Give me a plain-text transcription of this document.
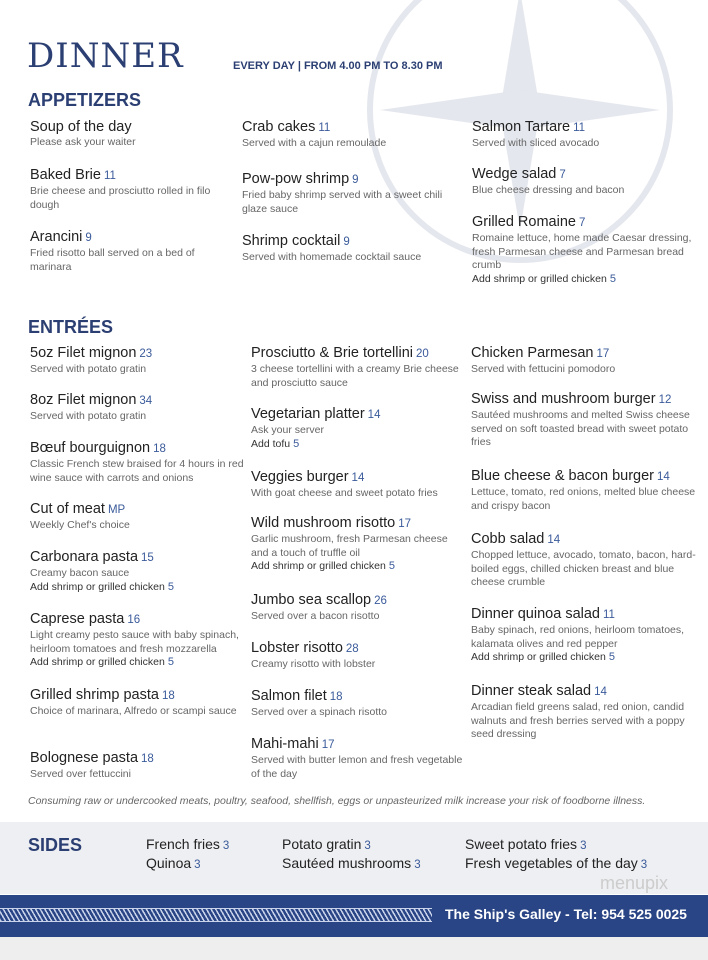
DINNER	EVERY DAY | FROM 4.00 PM TO 8.30 PM
APPETIZERS
ENTRÉES
Soup of the day
Please ask your waiter
Baked Brie 11
Brie cheese and prosciutto rolled in filo dough
Arancini 9
Fried risotto ball served on a bed of marinara
Crab cakes 11
Served with a cajun remoulade
Pow-pow shrimp 9
Fried baby shrimp served with a sweet chili glaze sauce
Shrimp cocktail 9
Served with homemade cocktail sauce
Salmon Tartare 11
Served with sliced avocado
Wedge salad 7
Blue cheese dressing and bacon
Grilled Romaine 7
Romaine lettuce, home made Caesar dressing, fresh Parmesan cheese and Parmesan bread crumb
Add shrimp or grilled chicken 5
5oz Filet mignon 23
Served with potato gratin
8oz Filet mignon 34
Served with potato gratin
Bœuf bourguignon 18
Classic French stew braised for 4 hours in red wine sauce with carrots and onions
Cut of meat MP
Weekly Chef's choice
Carbonara pasta 15
Creamy bacon sauce
Add shrimp or grilled chicken 5
Caprese pasta 16
Light creamy pesto sauce with baby spinach, heirloom tomatoes and fresh mozzarella
Add shrimp or grilled chicken 5
Grilled shrimp pasta 18
Choice of marinara, Alfredo or scampi sauce
Bolognese pasta 18
Served over fettuccini
Prosciutto & Brie tortellini 20
3 cheese tortellini with a creamy Brie cheese and prosciutto sauce
Vegetarian platter 14
Ask your server
Add tofu 5
Veggies burger 14
With goat cheese and sweet potato fries
Wild mushroom risotto 17
Garlic mushroom, fresh Parmesan cheese and a touch of truffle oil
Add shrimp or grilled chicken 5
Jumbo sea scallop 26
Served over a bacon risotto
Lobster risotto 28
Creamy risotto with lobster
Salmon filet 18
Served over a spinach risotto
Mahi-mahi 17
Served with butter lemon and fresh vegetable of the day
Chicken Parmesan 17
Served with fettucini pomodoro
Swiss and mushroom burger 12
Sautéed mushrooms and melted Swiss cheese served on soft toasted bread with sweet potato fries
Blue cheese & bacon burger 14
Lettuce, tomato, red onions, melted blue cheese and crispy bacon
Cobb salad 14
Chopped lettuce, avocado, tomato, bacon, hard-boiled eggs, chilled chicken breast and blue cheese crumble
Dinner quinoa salad 11
Baby spinach, red onions, heirloom tomatoes, kalamata olives and red pepper
Add shrimp or grilled chicken 5
Dinner steak salad 14
Arcadian field greens salad, red onion, candid walnuts and fresh berries served with a poppy seed dressing
Consuming raw or undercooked meats, poultry, seafood, shellfish, eggs or unpasteurized milk increase your risk of foodborne illness.
SIDES	French fries 3
Quinoa 3
Potato gratin 3
Sautéed mushrooms 3
Sweet potato fries 3
Fresh vegetables of the day 3
menupix
The Ship's Galley - Tel: 954 525 0025
